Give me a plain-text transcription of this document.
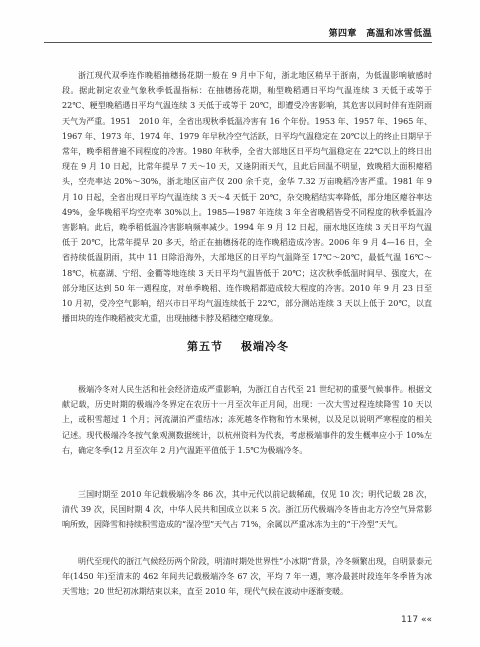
第四章　高温和冰雪低温

浙江现代双季连作晚稻抽穗扬花期一般在 9 月中下旬，浙北地区稍早于浙南，为低温影响敏感时段。据此制定农业气象秋季低温指标：在抽穗扬花期，籼型晚稻遇日平均气温连续 3 天低于或等于 22℃、粳型晚稻遇日平均气温连续 3 天低于或等于 20℃，即遭受冷害影响，其危害以同时伴有连阴雨天气为严重。1951　2010 年，全省出现秋季低温冷害有 16 个年份。1953 年、1957 年、1965 年、1967 年、1973 年、1974 年、1979 年早秋冷空气活跃，日平均气温稳定在 20℃以上的终止日期早于常年，晚季稻普遍不同程度的冷害。1980 年秋季，全省大部地区日平均气温稳定在 22℃以上的终日出现在 9 月 10 日起，比常年提早 7 天～10 天，又逢阴雨天气，且此后回温不明显，致晚稻大面积瘪稻头，空壳率达 20%～30%，浙北地区亩产仅 200 余千克，金华 7.32 万亩晚稻冷害严重。1981 年 9 月 10 日起，全省出现日平均气温连续 3 天～4 天低于 20℃，杂交晚稻结实率降低，部分地区瘪谷率达 49%，金华晚稻平均空壳率 30%以上。1985—1987 年连续 3 年全省晚稻皆受不同程度的秋季低温冷害影响。此后，晚季稻低温冷害影响频率减少。1994 年 9 月 12 日起，丽水地区连续 3 天日平均气温低于 20℃，比常年提早 20 多天，给正在抽穗扬花的连作晚稻造成冷害。2006 年 9 月 4—16 日，全省持续低温阴雨，其中 11 日除沿海外，大部地区的日平均气温降至 17℃～20℃，最低气温 16℃～18℃，杭嘉湖、宁绍、金衢等地连续 3 天日平均气温皆低于 20℃；这次秋季低温时间早、强度大，在部分地区达到 50 年一遇程度，对单季晚稻、连作晚稻都造成较大程度的冷害。2010 年 9 月 23 日至 10 月初，受冷空气影响，绍兴市日平均气温连续低于 22℃，部分测站连续 3 天以上低于 20℃，以直播田块的连作晚稻被灾尤重，出现抽穗卡脖及稻穗空瘪现象。

第五节 极端冷冬

极端冷冬对人民生活和社会经济造成严重影响，为浙江自古代至 21 世纪初的重要气候事件。根据文献记载，历史时期的极端冷冬界定在农历十一月至次年正月间，出现：一次大雪过程连续降雪 10 天以上，或积雪超过 1 个月；河流湖泊严重结冰；冻死越冬作物和竹木果树，以及足以说明严寒程度的相关记述。现代极端冷冬按气象观测数据统计，以杭州资料为代表，考虑极端事件的发生概率应小于 10%左右，确定冬季(12 月至次年 2 月)气温距平值低于 1.5℃为极端冷冬。

三国时期至 2010 年记载极端冷冬 86 次，其中元代以前记载稀疏，仅见 10 次；明代记载 28 次，清代 39 次，民国时期 4 次，中华人民共和国成立以来 5 次。浙江历代极端冷冬皆由北方冷空气异常影响所致，因降雪和持续积雪造成的“湿冷型”天气占 71%，余属以严重冰冻为主的“干冷型”天气。

明代至现代的浙江气候经历两个阶段，明清时期处世界性“小冰期”背景，冷冬频繁出现，自明景泰元年(1450 年)至清末的 462 年间共记载极端冷冬 67 次，平均 7 年一遇，寒冷最甚时段连年冬季皆为冰天雪地；20 世纪初冰期结束以来，直至 2010 年，现代气候在波动中逐渐变暖。

117 ««
